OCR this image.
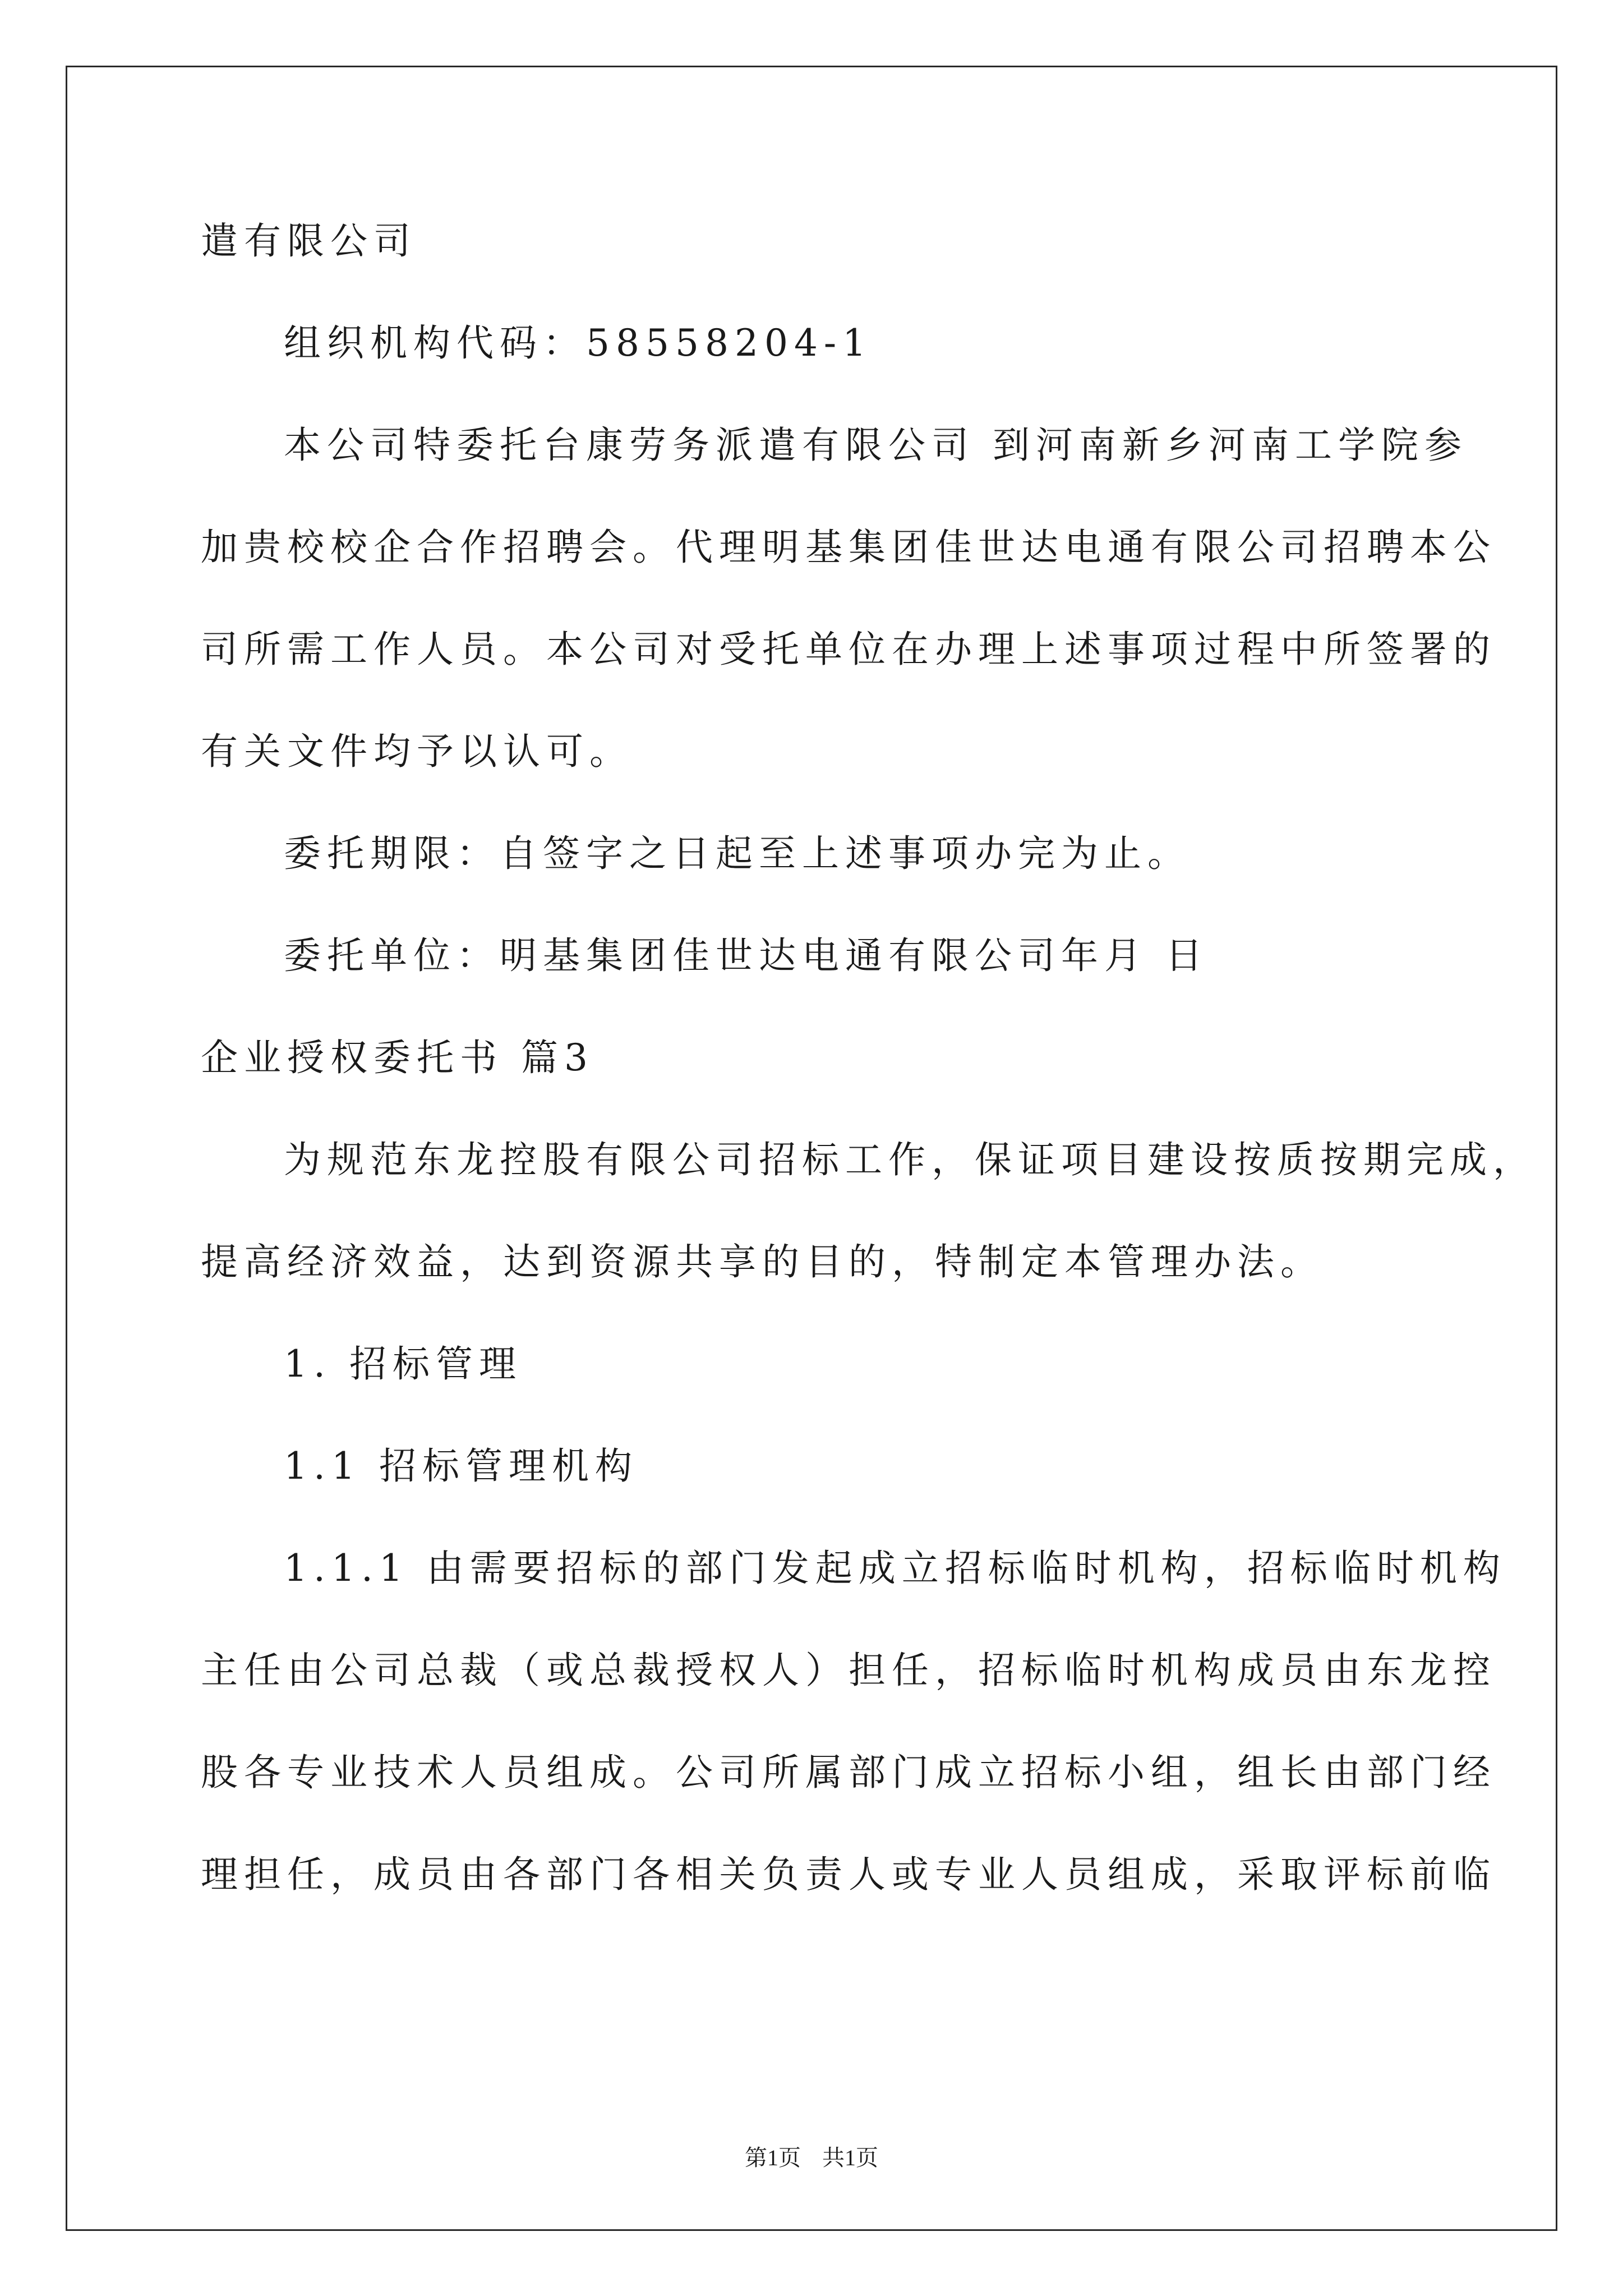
遣有限公司
组织机构代码：58558204-1
本公司特委托台康劳务派遣有限公司 到河南新乡河南工学院参
加贵校校企合作招聘会。代理明基集团佳世达电通有限公司招聘本公
司所需工作人员。本公司对受托单位在办理上述事项过程中所签署的
有关文件均予以认可。
委托期限：自签字之日起至上述事项办完为止。
委托单位：明基集团佳世达电通有限公司年月 日
企业授权委托书 篇3
为规范东龙控股有限公司招标工作，保证项目建设按质按期完成，
提高经济效益，达到资源共享的目的，特制定本管理办法。
1. 招标管理
1.1 招标管理机构
1.1.1 由需要招标的部门发起成立招标临时机构，招标临时机构
主任由公司总裁（或总裁授权人）担任，招标临时机构成员由东龙控
股各专业技术人员组成。公司所属部门成立招标小组，组长由部门经
理担任，成员由各部门各相关负责人或专业人员组成，采取评标前临
第1页 共1页
